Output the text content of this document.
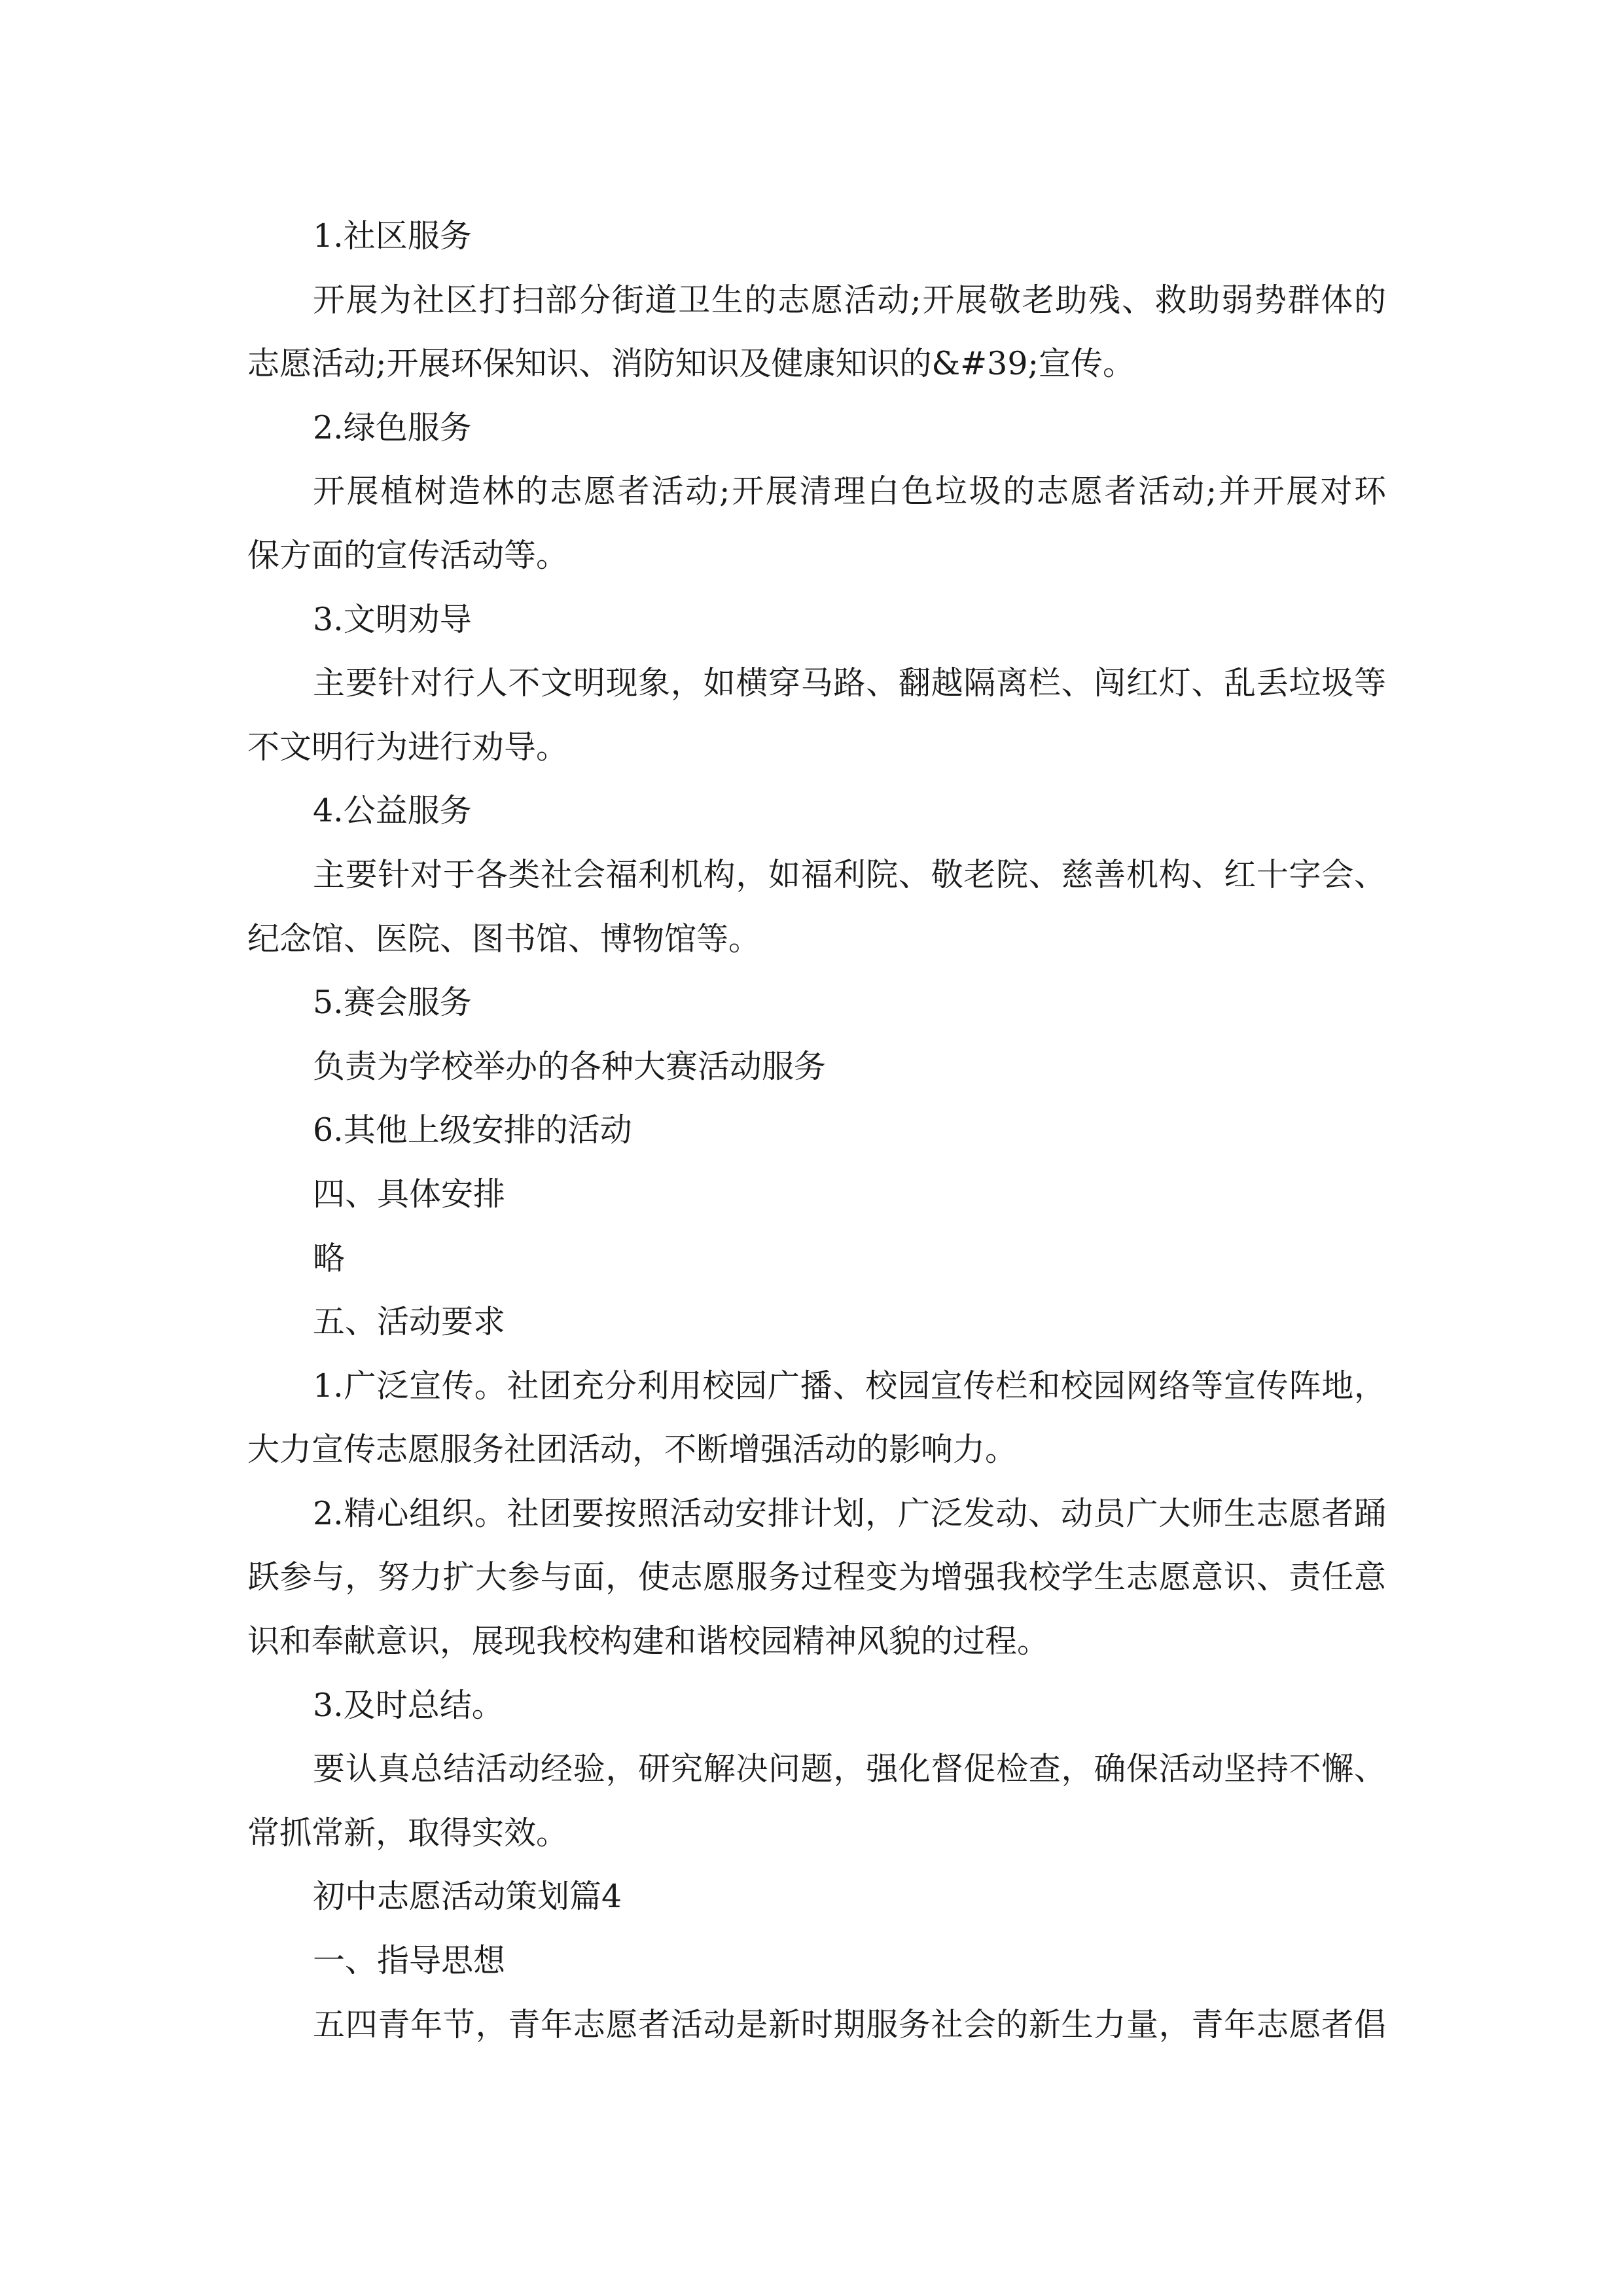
1.社区服务
开展为社区打扫部分街道卫生的志愿活动;开展敬老助残、救助弱势群体的
志愿活动;开展环保知识、消防知识及健康知识的&#39;宣传。
2.绿色服务
开展植树造林的志愿者活动;开展清理白色垃圾的志愿者活动;并开展对环
保方面的宣传活动等。
3.文明劝导
主要针对行人不文明现象，如横穿马路、翻越隔离栏、闯红灯、乱丢垃圾等
不文明行为进行劝导。
4.公益服务
主要针对于各类社会福利机构，如福利院、敬老院、慈善机构、红十字会、
纪念馆、医院、图书馆、博物馆等。
5.赛会服务
负责为学校举办的各种大赛活动服务
6.其他上级安排的活动
四、具体安排
略
五、活动要求
1.广泛宣传。社团充分利用校园广播、校园宣传栏和校园网络等宣传阵地，
大力宣传志愿服务社团活动，不断增强活动的影响力。
2.精心组织。社团要按照活动安排计划，广泛发动、动员广大师生志愿者踊
跃参与，努力扩大参与面，使志愿服务过程变为增强我校学生志愿意识、责任意
识和奉献意识，展现我校构建和谐校园精神风貌的过程。
3.及时总结。
要认真总结活动经验，研究解决问题，强化督促检查，确保活动坚持不懈、
常抓常新，取得实效。
初中志愿活动策划篇4
一、指导思想
五四青年节，青年志愿者活动是新时期服务社会的新生力量，青年志愿者倡
